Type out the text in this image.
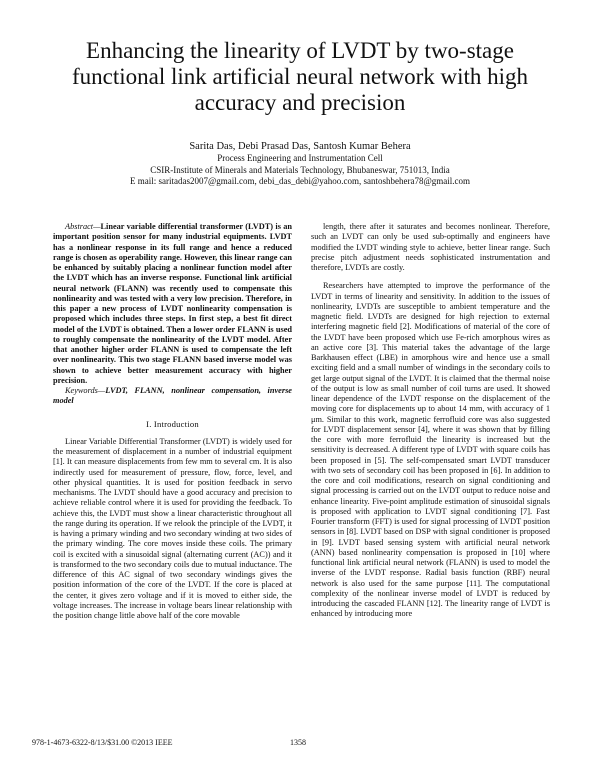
Enhancing the linearity of LVDT by two-stage functional link artificial neural network with high accuracy and precision
Sarita Das, Debi Prasad Das, Santosh Kumar Behera
Process Engineering and Instrumentation Cell
CSIR-Institute of Minerals and Materials Technology, Bhubaneswar, 751013, India
E mail: saritadas2007@gmail.com, debi_das_debi@yahoo.com, santoshbehera78@gmail.com

Abstract—Linear variable differential transformer (LVDT) is an important position sensor for many industrial equipments. LVDT has a nonlinear response in its full range and hence a reduced range is chosen as operability range. However, this linear range can be enhanced by suitably placing a nonlinear function model after the LVDT which has an inverse response. Functional link artificial neural network (FLANN) was recently used to compensate this nonlinearity and was tested with a very low precision. Therefore, in this paper a new process of LVDT nonlinearity compensation is proposed which includes three steps. In first step, a best fit direct model of the LVDT is obtained. Then a lower order FLANN is used to roughly compensate the nonlinearity of the LVDT model. After that another higher order FLANN is used to compensate the left over nonlinearity. This two stage FLANN based inverse model was shown to achieve better measurement accuracy with higher precision.

Keywords—LVDT, FLANN, nonlinear compensation, inverse model

I. Introduction

Linear Variable Differential Transformer (LVDT) is widely used for the measurement of displacement in a number of industrial equipment [1]. It can measure displacements from few mm to several cm. It is also indirectly used for measurement of pressure, flow, force, level, and other physical quantities. It is used for position feedback in servo mechanisms. The LVDT should have a good accuracy and precision to achieve reliable control where it is used for providing the feedback. To achieve this, the LVDT must show a linear characteristic throughout all the range during its operation. If we relook the principle of the LVDT, it is having a primary winding and two secondary winding at two sides of the primary winding. The core moves inside these coils. The primary coil is excited with a sinusoidal signal (alternating current (AC)) and it is transformed to the two secondary coils due to mutual inductance. The difference of this AC signal of two secondary windings gives the position information of the core of the LVDT. If the core is placed at the center, it gives zero voltage and if it is moved to either side, the voltage increases. The increase in voltage bears linear relationship with the position change little above half of the core movable

length, there after it saturates and becomes nonlinear. Therefore, such an LVDT can only be used sub-optimally and engineers have modified the LVDT winding style to achieve, better linear range. Such precise pitch adjustment needs sophisticated instrumentation and therefore, LVDTs are costly.

Researchers have attempted to improve the performance of the LVDT in terms of linearity and sensitivity. In addition to the issues of nonlinearity, LVDTs are susceptible to ambient temperature and the magnetic field. LVDTs are designed for high rejection to external interfering magnetic field [2]. Modifications of material of the core of the LVDT have been proposed which use Fe-rich amorphous wires as an active core [3]. This material takes the advantage of the large Barkhausen effect (LBE) in amorphous wire and hence use a small exciting field and a small number of windings in the secondary coils to get large output signal of the LVDT. It is claimed that the thermal noise of the output is low as small number of coil turns are used. It showed linear dependence of the LVDT response on the displacement of the moving core for displacements up to about 14 mm, with accuracy of 1 μm. Similar to this work, magnetic ferrofluid core was also suggested for LVDT displacement sensor [4], where it was shown that by filling the core with more ferrofluid the linearity is increased but the sensitivity is decreased. A different type of LVDT with square coils has been proposed in [5]. The self-compensated smart LVDT transducer with two sets of secondary coil has been proposed in [6]. In addition to the core and coil modifications, research on signal conditioning and signal processing is carried out on the LVDT output to reduce noise and enhance linearity. Five-point amplitude estimation of sinusoidal signals is proposed with application to LVDT signal conditioning [7]. Fast Fourier transform (FFT) is used for signal processing of LVDT position sensors in [8]. LVDT based on DSP with signal conditioner is proposed in [9]. LVDT based sensing system with artificial neural network (ANN) based nonlinearity compensation is proposed in [10] where functional link artificial neural network (FLANN) is used to model the inverse of the LVDT response. Radial basis function (RBF) neural network is also used for the same purpose [11]. The computational complexity of the nonlinear inverse model of LVDT is reduced by introducing the cascaded FLANN [12]. The linearity range of LVDT is enhanced by introducing more

978-1-4673-6322-8/13/$31.00 ©2013 IEEE	1358
